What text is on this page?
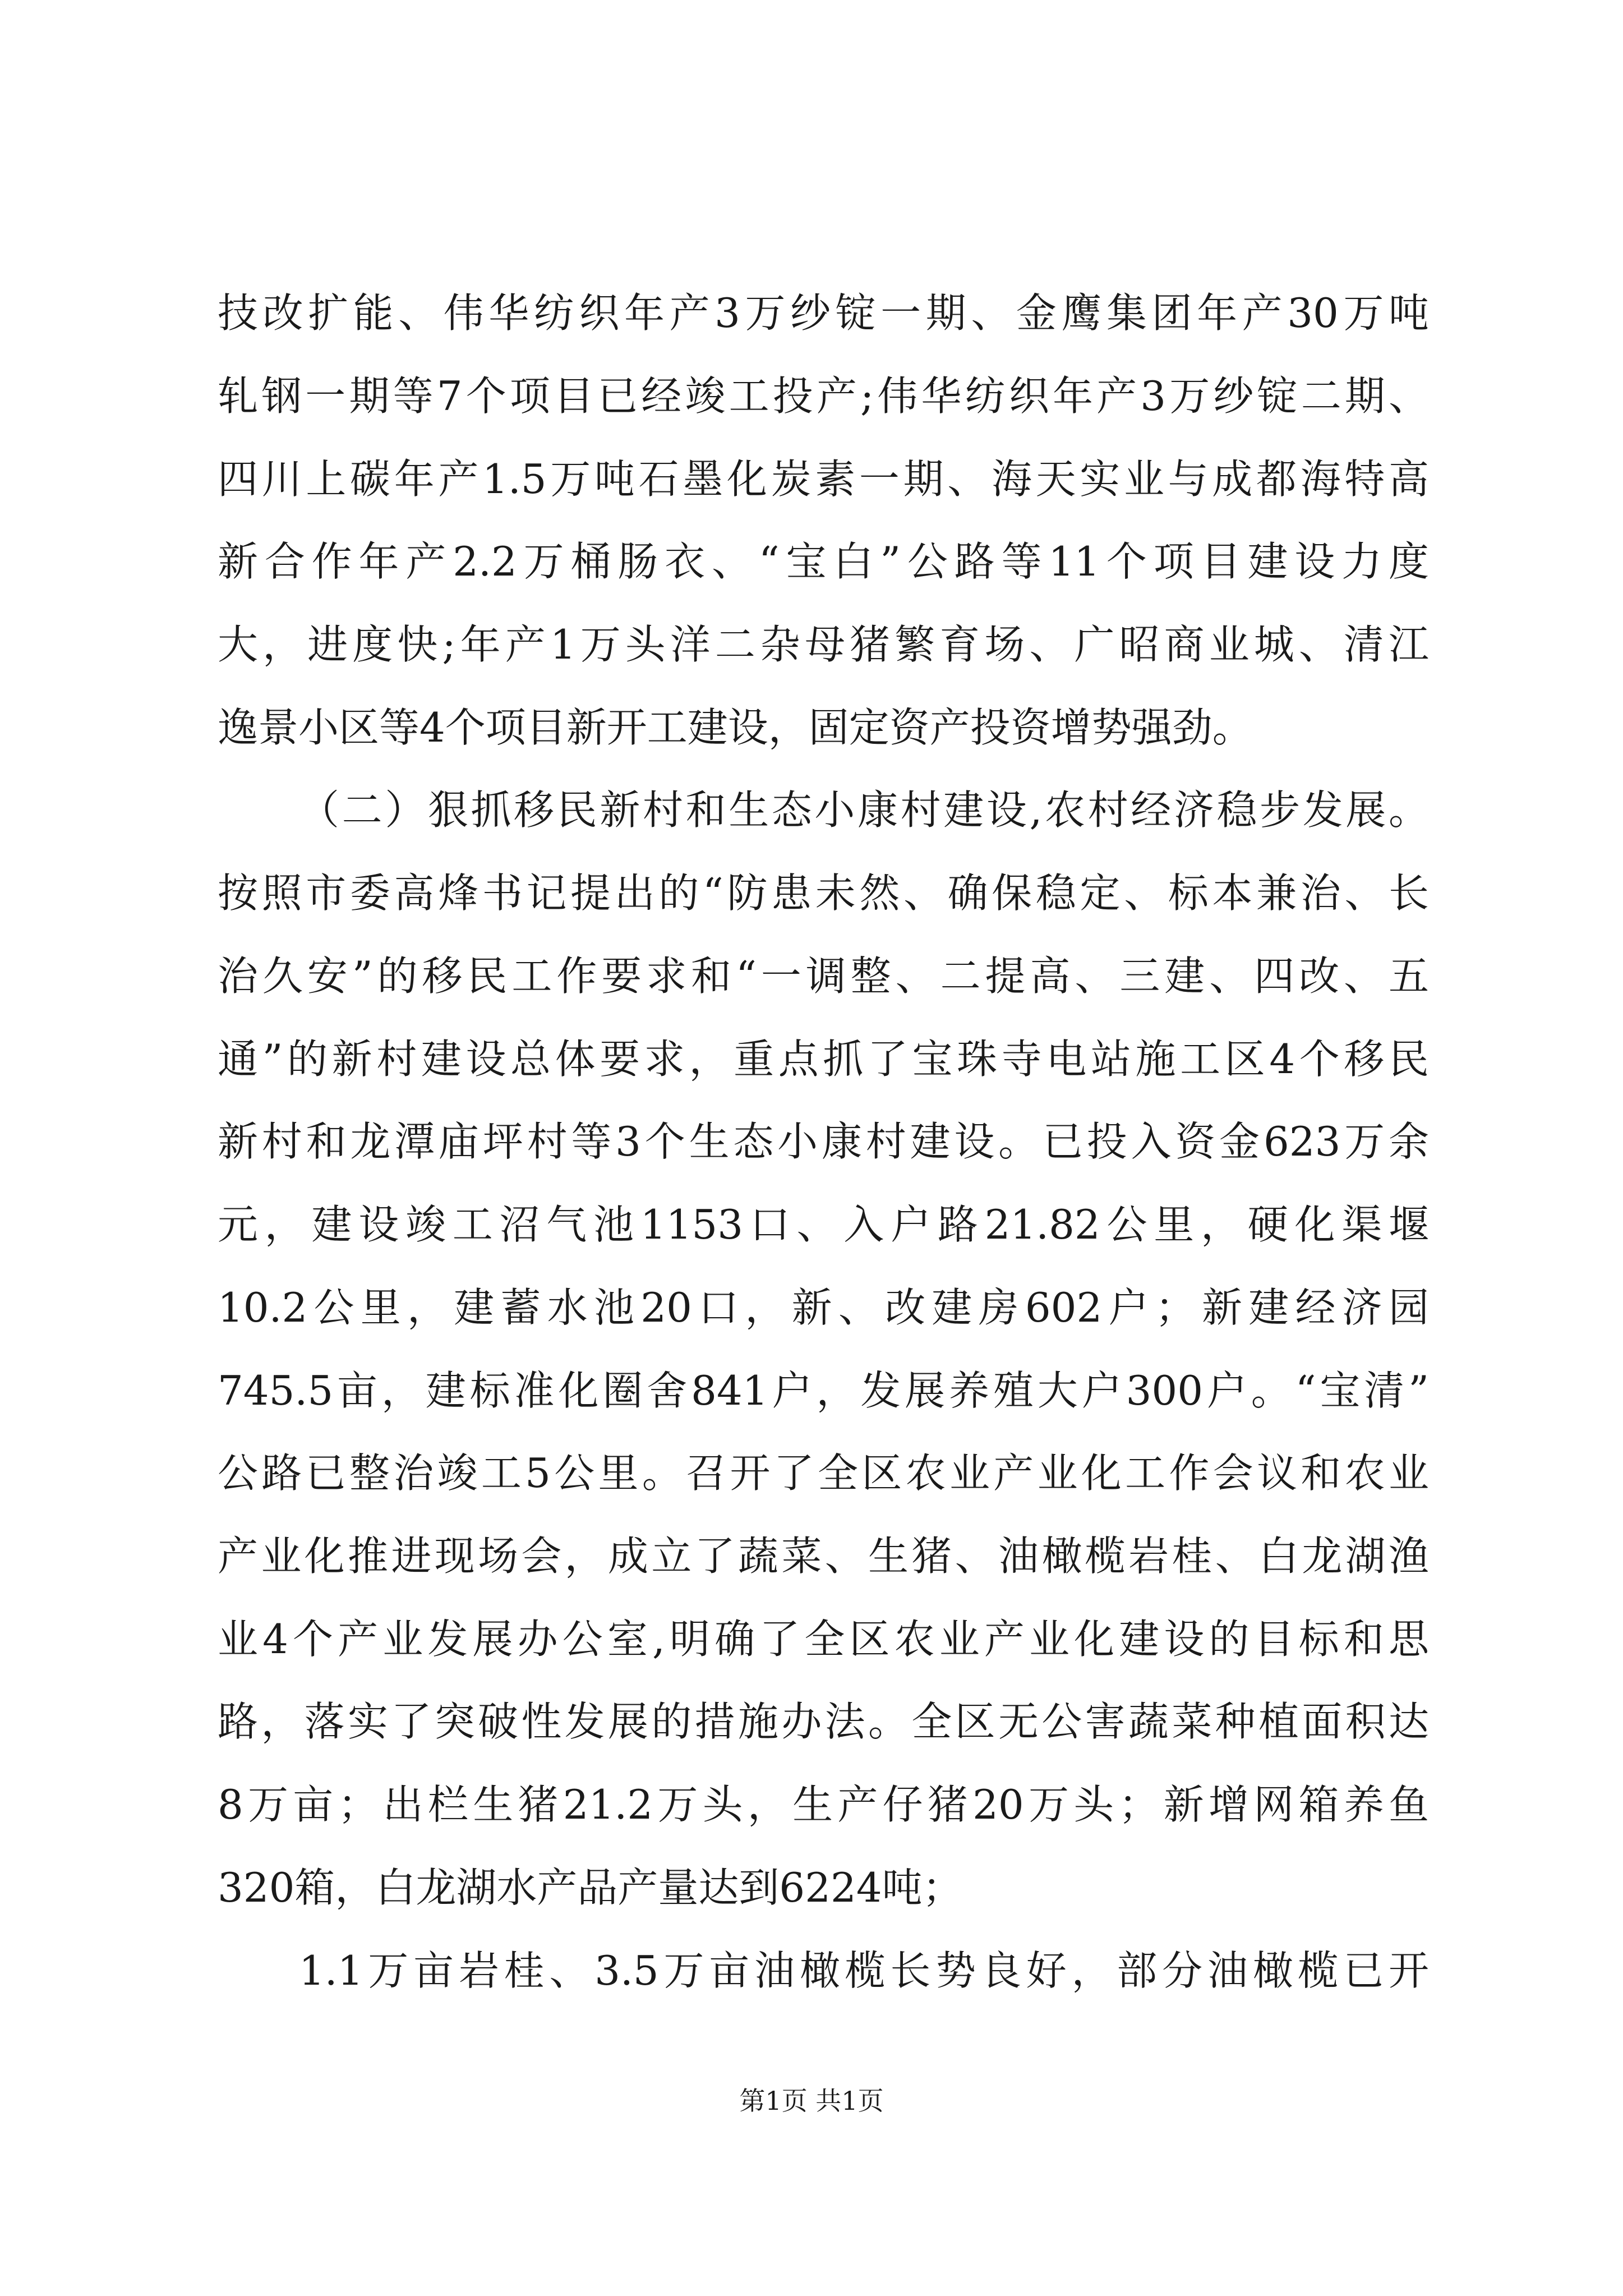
技改扩能、伟华纺织年产3万纱锭一期、金鹰集团年产30万吨
轧钢一期等7个项目已经竣工投产;伟华纺织年产3万纱锭二期、
四川上碳年产1.5万吨石墨化炭素一期、海天实业与成都海特高
新合作年产2.2万桶肠衣、“宝白”公路等11个项目建设力度
大，进度快;年产1万头洋二杂母猪繁育场、广昭商业城、清江
逸景小区等4个项目新开工建设，固定资产投资增势强劲。
（二）狠抓移民新村和生态小康村建设,农村经济稳步发展。
按照市委高烽书记提出的“防患未然、确保稳定、标本兼治、长
治久安”的移民工作要求和“一调整、二提高、三建、四改、五
通”的新村建设总体要求，重点抓了宝珠寺电站施工区4个移民
新村和龙潭庙坪村等3个生态小康村建设。已投入资金623万余
元，建设竣工沼气池1153口、入户路21.82公里，硬化渠堰
10.2公里，建蓄水池20口，新、改建房602户；新建经济园
745.5亩，建标准化圈舍841户，发展养殖大户300户。“宝清”
公路已整治竣工5公里。召开了全区农业产业化工作会议和农业
产业化推进现场会，成立了蔬菜、生猪、油橄榄岩桂、白龙湖渔
业4个产业发展办公室,明确了全区农业产业化建设的目标和思
路，落实了突破性发展的措施办法。全区无公害蔬菜种植面积达
8万亩；出栏生猪21.2万头，生产仔猪20万头；新增网箱养鱼
320箱，白龙湖水产品产量达到6224吨；
1.1万亩岩桂、3.5万亩油橄榄长势良好，部分油橄榄已开
第1页 共1页
